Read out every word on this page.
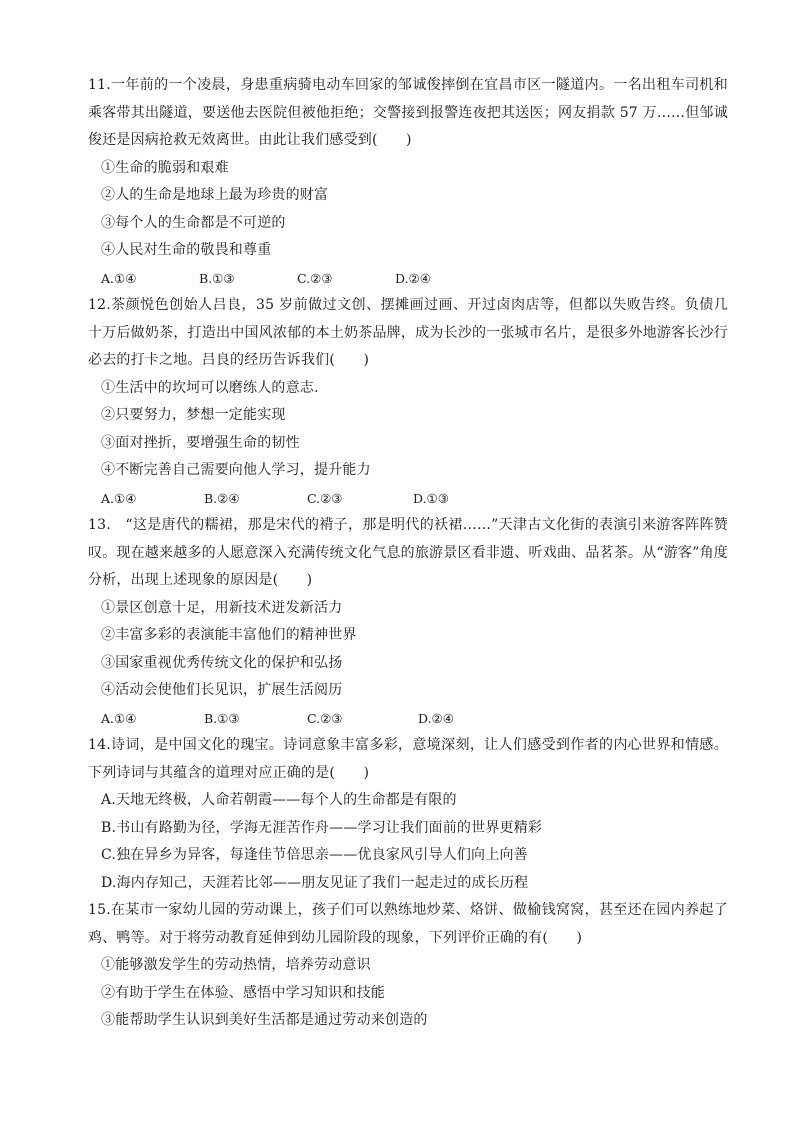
11.一年前的一个凌晨，身患重病骑电动车回家的邹诚俊摔倒在宜昌市区一隧道内。一名出租车司机和乘客带其出隧道，要送他去医院但被他拒绝；交警接到报警连夜把其送医；网友捐款 57 万……但邹诚俊还是因病抢救无效离世。由此让我们感受到(　　)

①生命的脆弱和艰难

②人的生命是地球上最为珍贵的财富

③每个人的生命都是不可逆的

④人民对生命的敬畏和尊重

A.①④	B.①③	C.②③	D.②④

12.茶颜悦色创始人吕良，35 岁前做过文创、摆摊画过画、开过卤肉店等，但都以失败告终。负债几十万后做奶茶，打造出中国风浓郁的本土奶茶品牌，成为长沙的一张城市名片，是很多外地游客长沙行必去的打卡之地。吕良的经历告诉我们(　　)

①生活中的坎坷可以磨练人的意志.

②只要努力，梦想一定能实现

③面对挫折，要增强生命的韧性

④不断完善自己需要向他人学习，提升能力

A.①④	B.②④	C.②③	D.①③

13.　“这是唐代的糯裙，那是宋代的褙子，那是明代的袄裙……”天津古文化街的表演引来游客阵阵赞叹。现在越来越多的人愿意深入充满传统文化气息的旅游景区看非遗、听戏曲、品茗茶。从“游客”角度分析，出现上述现象的原因是(　　)

①景区创意十足，用新技术迸发新活力

②丰富多彩的表演能丰富他们的精神世界

③国家重视优秀传统文化的保护和弘扬

④活动会使他们长见识，扩展生活阅历

A.①④	B.①③	C.②③	D.②④

14.诗词，是中国文化的瑰宝。诗词意象丰富多彩，意境深刻，让人们感受到作者的内心世界和情感。下列诗词与其蕴含的道理对应正确的是(　　)

A.天地无终极，人命若朝霞——每个人的生命都是有限的

B.书山有路勤为径，学海无涯苦作舟——学习让我们面前的世界更精彩

C.独在异乡为异客，每逢佳节倍思亲——优良家风引导人们向上向善

D.海内存知己，天涯若比邻——朋友见证了我们一起走过的成长历程

15.在某市一家幼儿园的劳动课上，孩子们可以熟练地炒菜、烙饼、做榆钱窝窝，甚至还在园内养起了鸡、鸭等。对于将劳动教育延伸到幼儿园阶段的现象，下列评价正确的有(　　)

①能够激发学生的劳动热情，培养劳动意识

②有助于学生在体验、感悟中学习知识和技能

③能帮助学生认识到美好生活都是通过劳动来创造的
